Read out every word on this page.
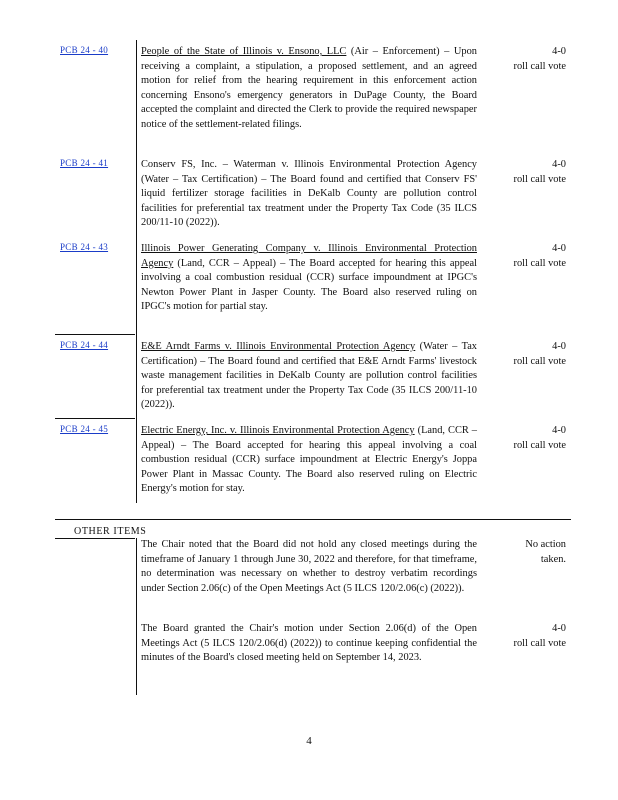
PCB 24 - 40	People of the State of Illinois v. Ensono, LLC (Air – Enforcement) – Upon receiving a complaint, a stipulation, a proposed settlement, and an agreed motion for relief from the hearing requirement in this enforcement action concerning Ensono's emergency generators in DuPage County, the Board accepted the complaint and directed the Clerk to provide the required newspaper notice of the settlement-related filings.
4-0
roll call vote
PCB 24 - 41	Conserv FS, Inc. – Waterman v. Illinois Environmental Protection Agency (Water – Tax Certification) – The Board found and certified that Conserv FS' liquid fertilizer storage facilities in DeKalb County are pollution control facilities for preferential tax treatment under the Property Tax Code (35 ILCS 200/11-10 (2022)).
4-0
roll call vote
PCB 24 - 43	Illinois Power Generating Company v. Illinois Environmental Protection Agency (Land, CCR – Appeal) – The Board accepted for hearing this appeal involving a coal combustion residual (CCR) surface impoundment at IPGC's Newton Power Plant in Jasper County. The Board also reserved ruling on IPGC's motion for partial stay.
4-0
roll call vote
PCB 24 - 44	E&E Arndt Farms v. Illinois Environmental Protection Agency (Water – Tax Certification) – The Board found and certified that E&E Arndt Farms' livestock waste management facilities in DeKalb County are pollution control facilities for preferential tax treatment under the Property Tax Code (35 ILCS 200/11-10 (2022)).
4-0
roll call vote
PCB 24 - 45	Electric Energy, Inc. v. Illinois Environmental Protection Agency (Land, CCR – Appeal) – The Board accepted for hearing this appeal involving a coal combustion residual (CCR) surface impoundment at Electric Energy's Joppa Power Plant in Massac County. The Board also reserved ruling on Electric Energy's motion for stay.
4-0
roll call vote
OTHER ITEMS
The Chair noted that the Board did not hold any closed meetings during the timeframe of January 1 through June 30, 2022 and therefore, for that timeframe, no determination was necessary on whether to destroy verbatim recordings under Section 2.06(c) of the Open Meetings Act (5 ILCS 120/2.06(c) (2022)).
No action
taken.
The Board granted the Chair's motion under Section 2.06(d) of the Open Meetings Act (5 ILCS 120/2.06(d) (2022)) to continue keeping confidential the minutes of the Board's closed meeting held on September 14, 2023.
4-0
roll call vote
4
